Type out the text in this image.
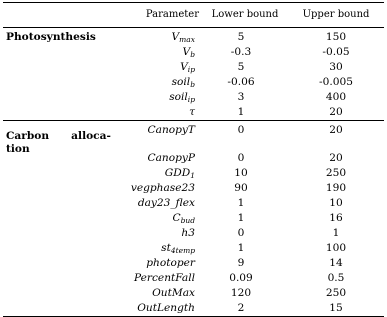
Parameter Lower bound	Upper bound
Photosynthesis	$V_{max}$	5	150
$V_b$	-0.3	-0.05
$V_{ip}$	5	30
soil$_b$	-0.06	-0.005
soil$_{ip}$	3	400
τ	1	20
Carbon      alloca-
tion
CanopyT	0	20
CanopyP	0	20
$GDD_1$	10	250
vegphase23	90	190
day23_flex	1	10
$C_{bud}$	1	16
h3	0	1
$st_{4temp}$	1	100
photoper	9	14
PercentFall	0.09	0.5
OutMax	120	250
OutLength	2	15
